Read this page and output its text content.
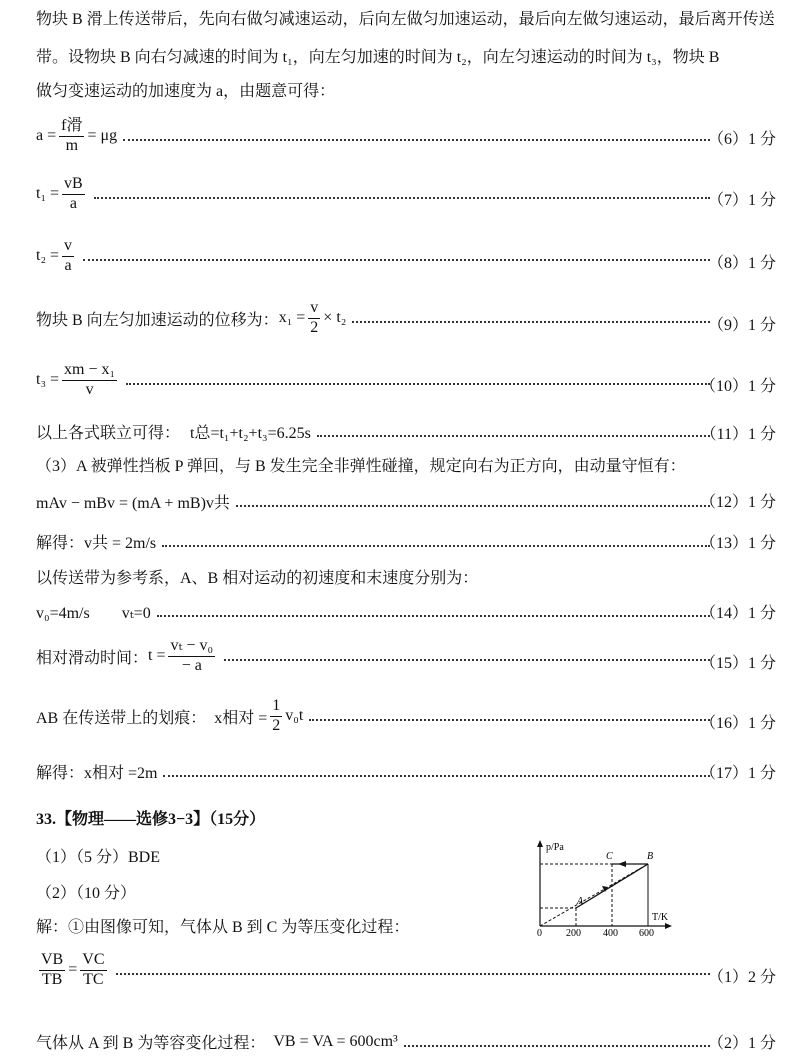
物块 B 滑上传送带后，先向右做匀减速运动，后向左做匀加速运动，最后向左做匀速运动，最后离开传送
带。设物块 B 向右匀减速的时间为 t₁，向左匀加速的时间为 t₂，向左匀速运动的时间为 t₃，物块 B
做匀变速运动的加速度为 a，由题意可得：
$a = \frac{\text{f滑}}{m} = \mu g$	（6）1 分
$t_1 = \frac{vB}{a}$	（7）1 分
$t_2 = \frac{v}{a}$	（8）1 分
物块 B 向左匀加速运动的位移为： $x_1 = \frac{v}{2} \times t_2$	（9）1 分
$t_3 = \frac{\text{xm − x₁}}{v}$	（10）1 分
以上各式联立可得： t总=t₁+t₂+t₃=6.25s	（11）1 分
（3）A 被弹性挡板 P 弹回，与 B 发生完全非弹性碰撞，规定向右为正方向，由动量守恒有：
mAv − mBv = (mA + mB)v共	（12）1 分
解得：v共 = 2m/s	（13）1 分
以传送带为参考系，A、B 相对运动的初速度和末速度分别为：
v₀=4m/s　　vₜ=0	（14）1 分
相对滑动时间： $t = \frac{\text{vₜ − v₀}}{- a}$	（15）1 分
AB 在传送带上的划痕： x相对 = $\frac{1}{2} v_0t$	（16）1 分
解得：x相对 =2m	（17）1 分
33.【物理——选修3−3】（15分）
（1）（5 分）BDE
（2）（10 分）
解：①由图像可知，气体从 B 到 C 为等压变化过程：
p/Pa
T/K
C	B
A
0 200 400 600
$\frac{VB}{TB} = \frac{VC}{TC}$	（1）2 分
气体从 A 到 B 为等容变化过程： VB = VA = 600cm³	（2）1 分
